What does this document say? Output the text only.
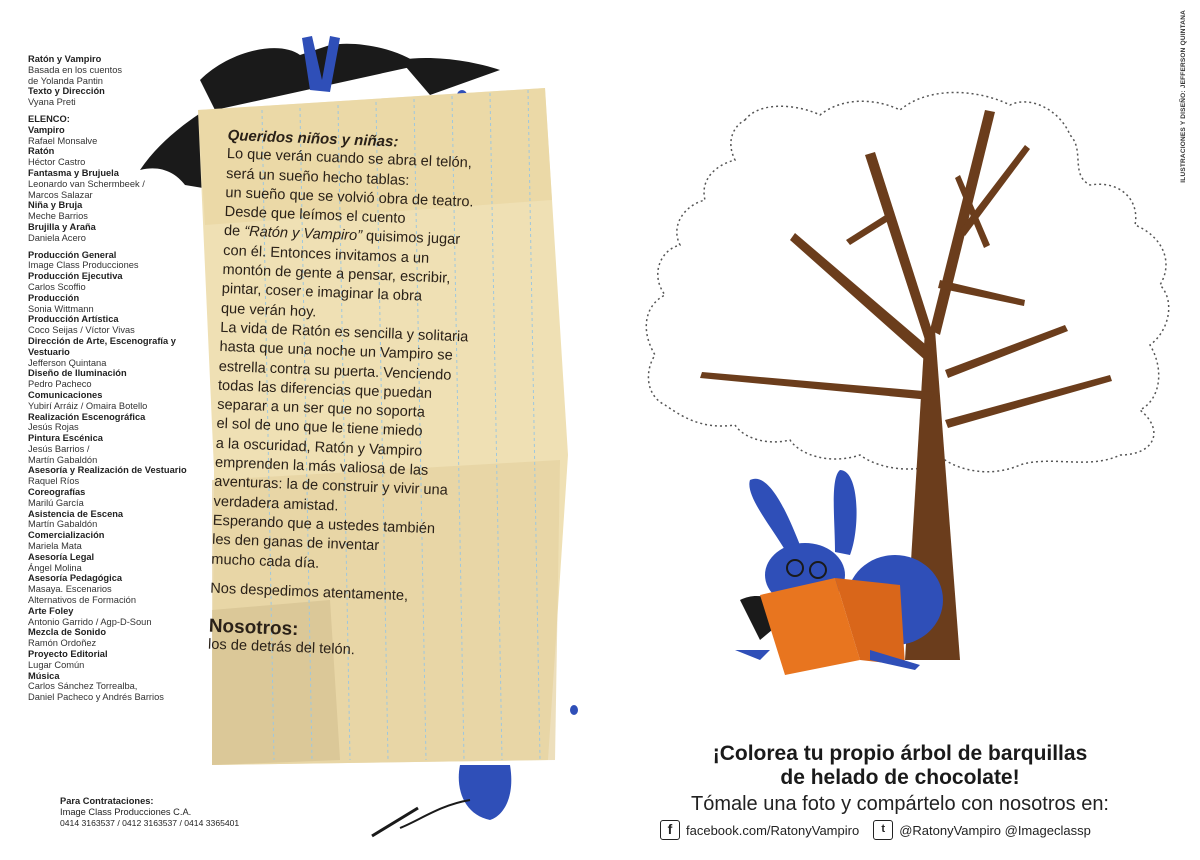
Ratón y Vampiro
Basada en los cuentos
de Yolanda Pantin
Texto y Dirección
Vyana Preti
ELENCO:
Vampiro
Rafael Monsalve
Ratón
Héctor Castro
Fantasma y Brujuela
Leonardo van Schermbeek /
Marcos Salazar
Niña y Bruja
Meche Barrios
Brujilla y Araña
Daniela Acero
Producción General
Image Class Producciones
Producción Ejecutiva
Carlos Scoffio
Producción
Sonia Wittmann
Producción Artística
Coco Seijas / Víctor Vivas
Dirección de Arte, Escenografía y Vestuario
Jefferson Quintana
Diseño de Iluminación
Pedro Pacheco
Comunicaciones
Yubirí Arráiz / Omaira Botello
Realización Escenográfica
Jesús Rojas
Pintura Escénica
Jesús Barrios /
Martín Gabaldón
Asesoría y Realización de Vestuario
Raquel Ríos
Coreografías
Marilú García
Asistencia de Escena
Martín Gabaldón
Comercialización
Mariela Mata
Asesoría Legal
Ángel Molina
Asesoría Pedagógica
Masaya. Escenarios
Alternativos de Formación
Arte Foley
Antonio Garrido / Agp-D-Soun
Mezcla de Sonido
Ramón Ordoñez
Proyecto Editorial
Lugar Común
Música
Carlos Sánchez Torrealba,
Daniel Pacheco y Andrés Barrios
Para Contrataciones:
Image Class Producciones C.A.
0414 3163537 / 0412 3163537 / 0414 3365401

Queridos niños y niñas:

Lo que verán cuando se abra el telón,

será un sueño hecho tablas:

un sueño que se volvió obra de teatro.

Desde que leímos el cuento

de “Ratón y Vampiro” quisimos jugar

con él. Entonces invitamos a un

montón de gente a pensar, escribir,

pintar, coser e imaginar la obra

que verán hoy.

La vida de Ratón es sencilla y solitaria

hasta que una noche un Vampiro se

estrella contra su puerta. Venciendo

todas las diferencias que puedan

separar a un ser que no soporta

el sol de uno que le tiene miedo

a la oscuridad, Ratón y Vampiro

emprenden la más valiosa de las

aventuras: la de construir y vivir una

verdadera amistad.

Esperando que a ustedes también

les den ganas de inventar

mucho cada día.

Nos despedimos atentamente,

Nosotros:

los de detrás del telón.

ILUSTRACIONES Y DISEÑO: JEFFERSON QUINTANA
¡Colorea tu propio árbol de barquillas
de helado de chocolate!
Tómale una foto y compártelo con nosotros en:
f	facebook.com/RatonyVampiro	t	@RatonyVampiro @Imageclassp
